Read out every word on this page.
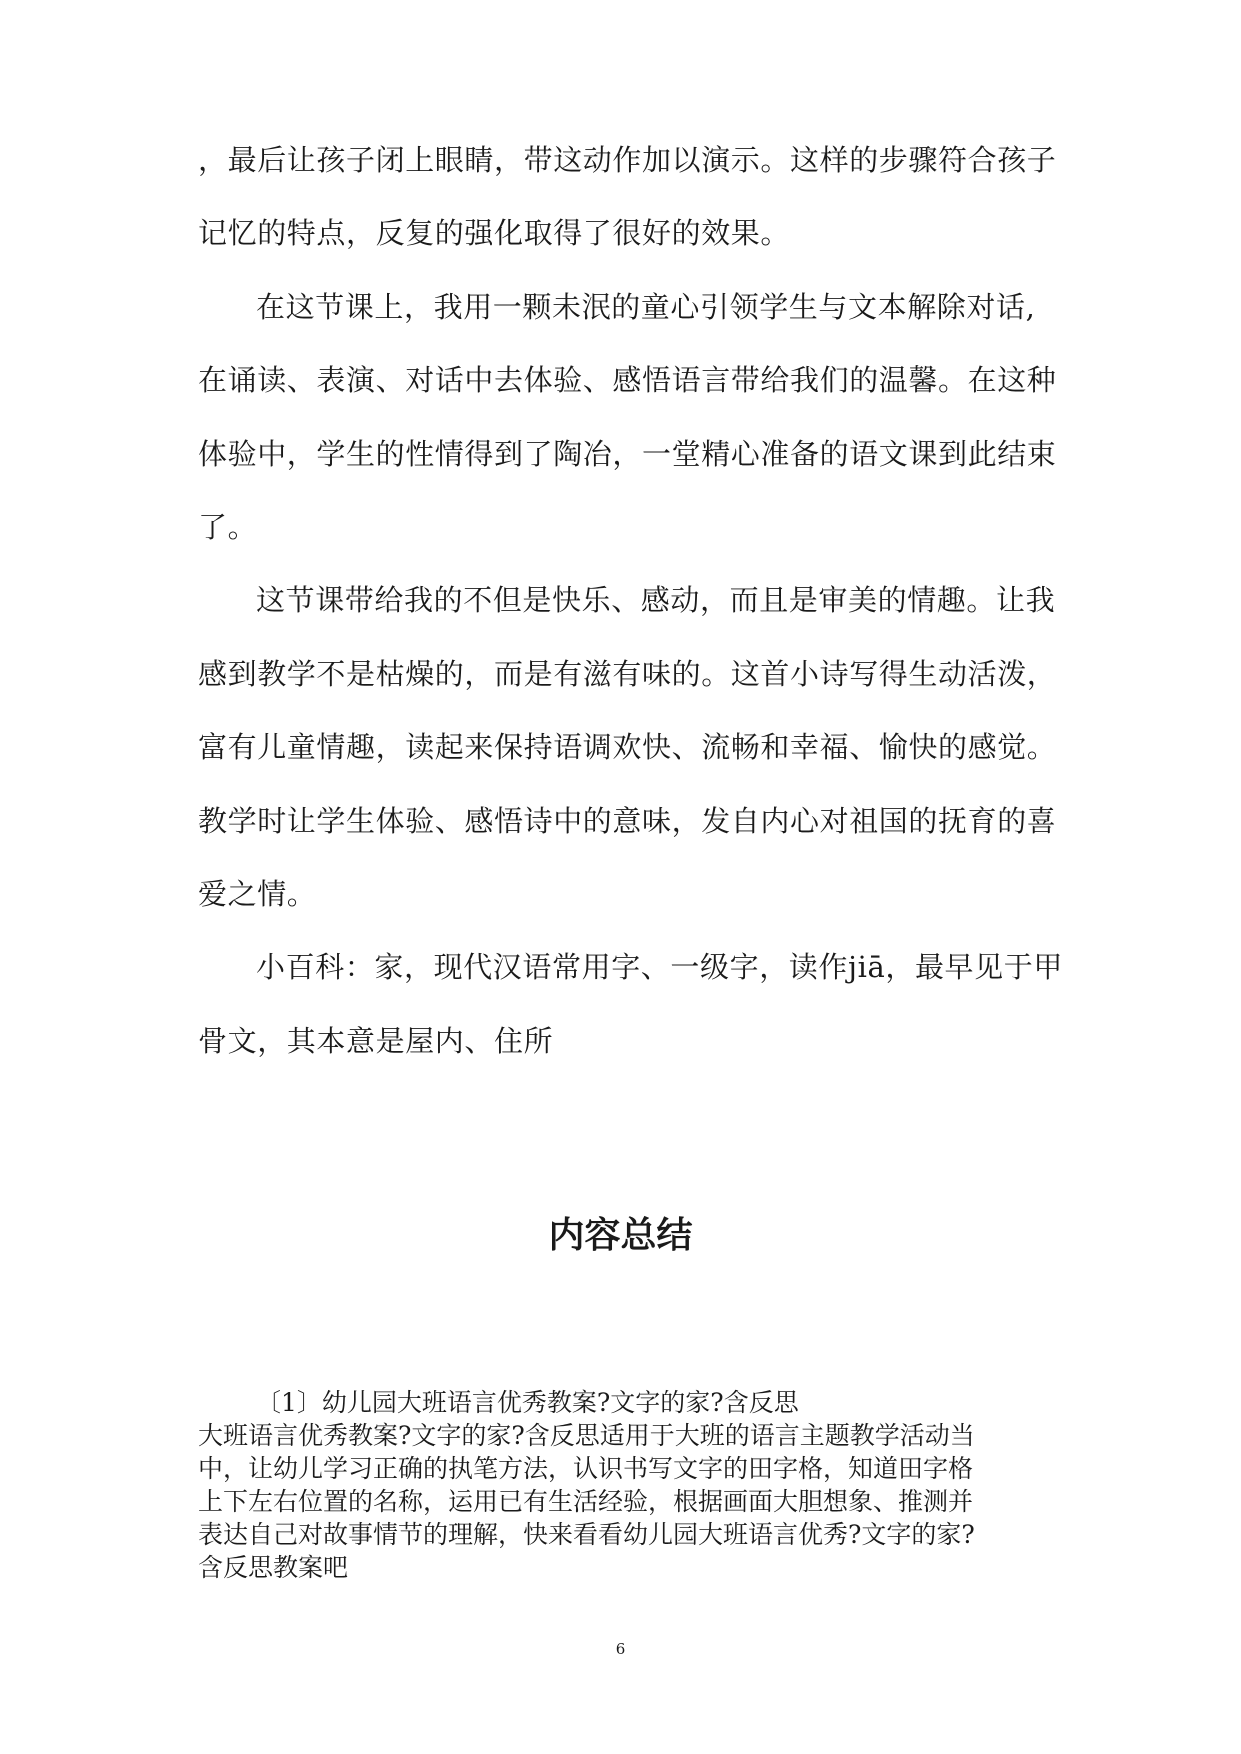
，最后让孩子闭上眼睛，带这动作加以演示。这样的步骤符合孩子
记忆的特点，反复的强化取得了很好的效果。
在这节课上，我用一颗未泯的童心引领学生与文本解除对话,
在诵读、表演、对话中去体验、感悟语言带给我们的温馨。在这种
体验中，学生的性情得到了陶冶，一堂精心准备的语文课到此结束
了。
这节课带给我的不但是快乐、感动，而且是审美的情趣。让我
感到教学不是枯燥的，而是有滋有味的。这首小诗写得生动活泼，
富有儿童情趣，读起来保持语调欢快、流畅和幸福、愉快的感觉。
教学时让学生体验、感悟诗中的意味，发自内心对祖国的抚育的喜
爱之情。
小百科：家，现代汉语常用字、一级字，读作jiā，最早见于甲
骨文，其本意是屋内、住所
内容总结
〔1〕幼儿园大班语言优秀教案?文字的家?含反思
大班语言优秀教案?文字的家?含反思适用于大班的语言主题教学活动当
中，让幼儿学习正确的执笔方法，认识书写文字的田字格，知道田字格
上下左右位置的名称，运用已有生活经验，根据画面大胆想象、推测并
表达自己对故事情节的理解，快来看看幼儿园大班语言优秀?文字的家?
含反思教案吧
6
